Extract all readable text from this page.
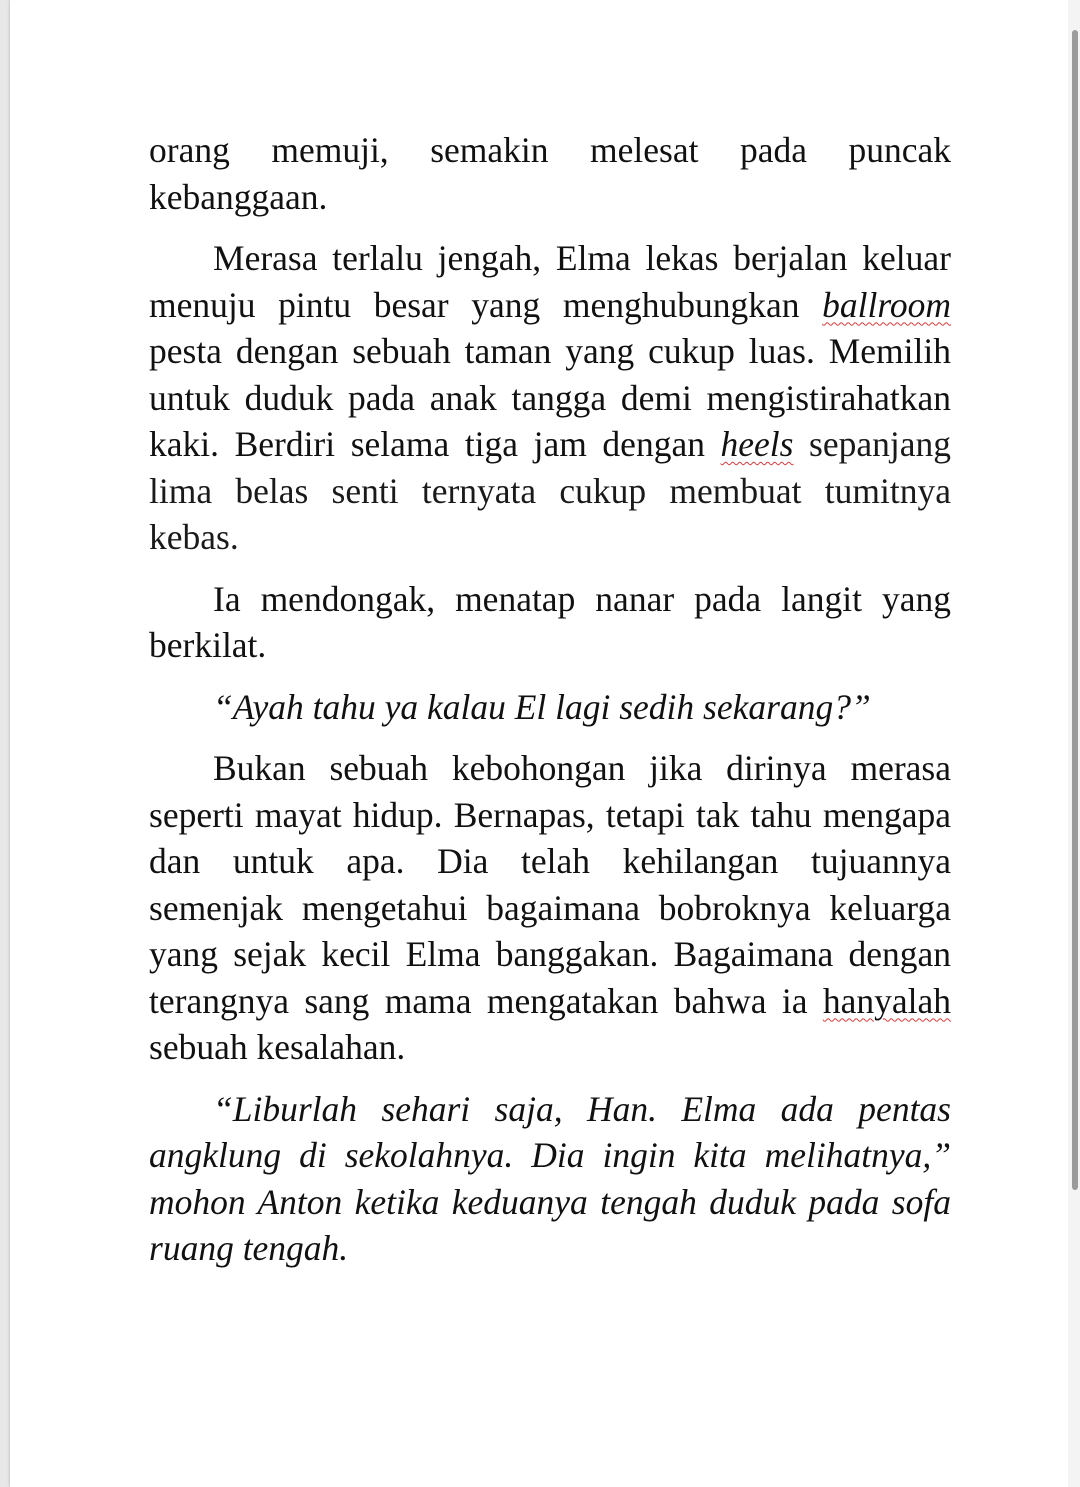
orang memuji, semakin melesat pada puncak kebanggaan.

Merasa terlalu jengah, Elma lekas berjalan keluar menuju pintu besar yang menghubungkan ballroom pesta dengan sebuah taman yang cukup luas. Memilih untuk duduk pada anak tangga demi mengistirahatkan kaki. Berdiri selama tiga jam dengan heels sepanjang lima belas senti ternyata cukup membuat tumitnya kebas.

Ia mendongak, menatap nanar pada langit yang berkilat.

“Ayah tahu ya kalau El lagi sedih sekarang?”

Bukan sebuah kebohongan jika dirinya merasa seperti mayat hidup. Bernapas, tetapi tak tahu mengapa dan untuk apa. Dia telah kehilangan tujuannya semenjak mengetahui bagaimana bobroknya keluarga yang sejak kecil Elma banggakan. Bagaimana dengan terangnya sang mama mengatakan bahwa ia hanyalah sebuah kesalahan.

“Liburlah sehari saja, Han. Elma ada pentas angklung di sekolahnya. Dia ingin kita melihatnya,” mohon Anton ketika keduanya tengah duduk pada sofa ruang tengah.
